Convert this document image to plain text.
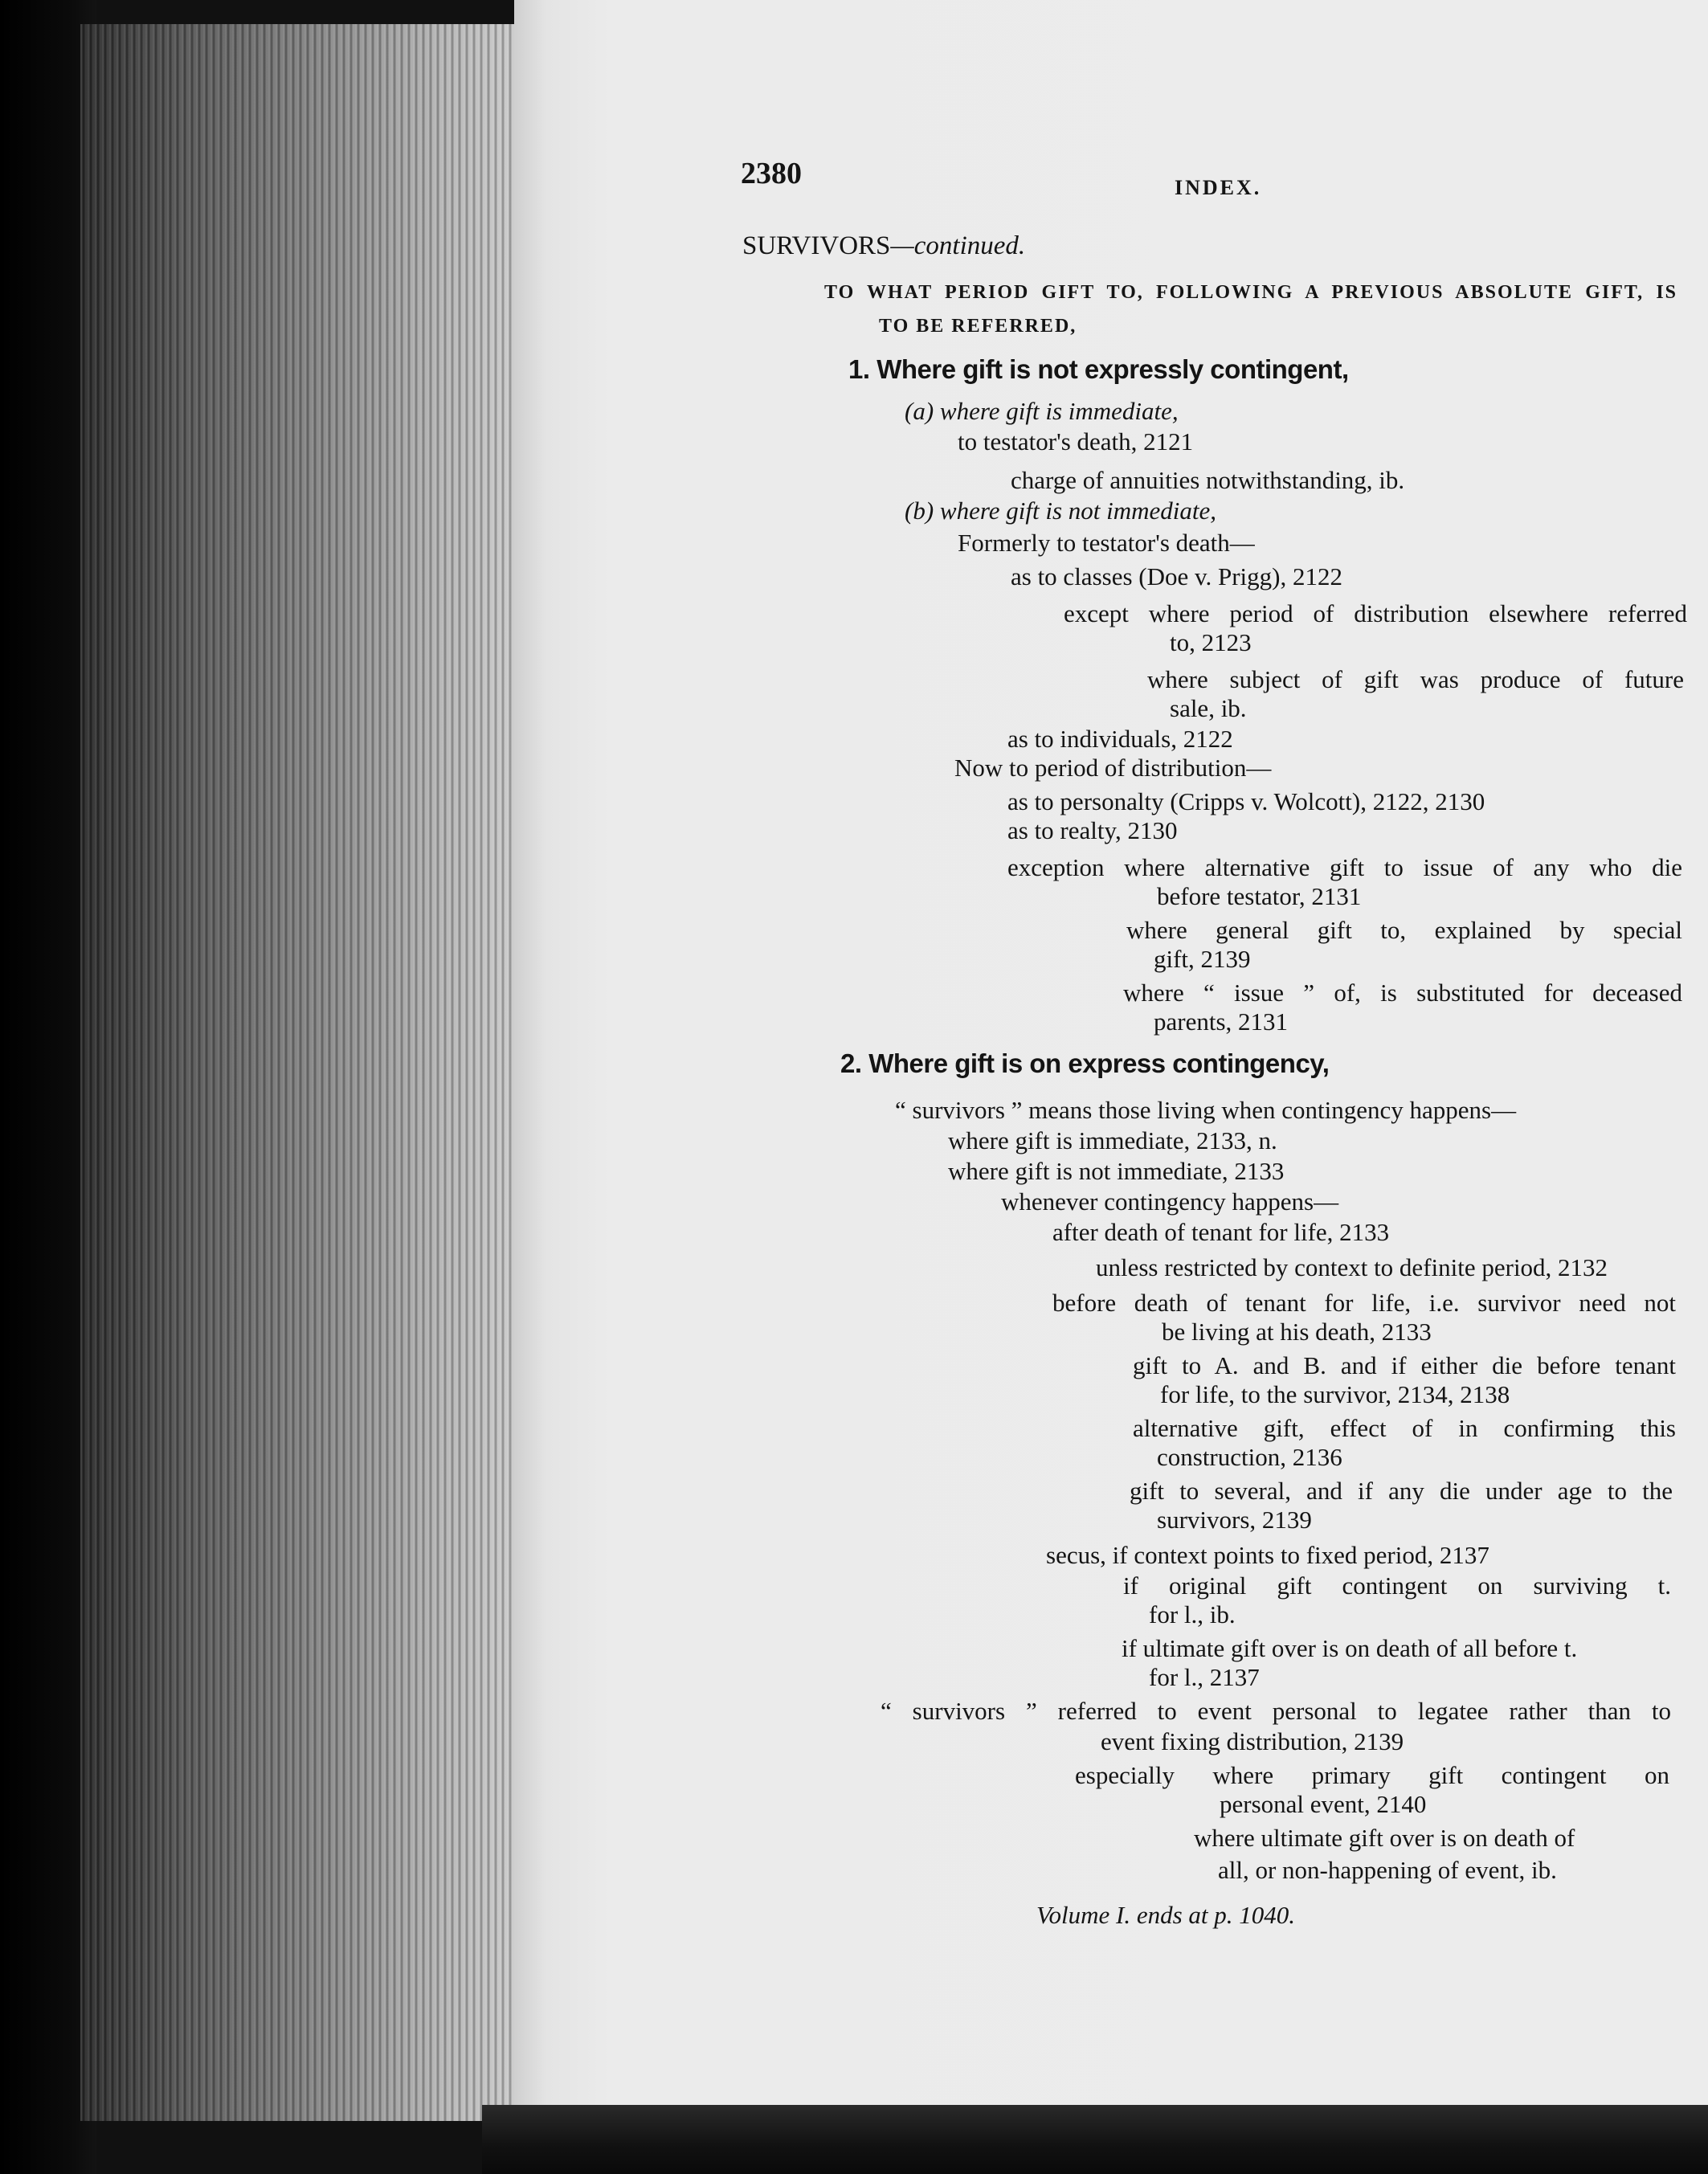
2380	INDEX.
SURVIVORS—continued.
TO WHAT PERIOD GIFT TO, FOLLOWING A PREVIOUS ABSOLUTE GIFT, IS
TO BE REFERRED,
1. Where gift is not expressly contingent,
(a) where gift is immediate,
to testator's death, 2121
charge of annuities notwithstanding, ib.
(b) where gift is not immediate,
Formerly to testator's death—
as to classes (Doe v. Prigg), 2122
except where period of distribution elsewhere referred
to, 2123
where subject of gift was produce of future
sale, ib.
as to individuals, 2122
Now to period of distribution—
as to personalty (Cripps v. Wolcott), 2122, 2130
as to realty, 2130
exception where alternative gift to issue of any who die
before testator, 2131
where general gift to, explained by special
gift, 2139
where “ issue ” of, is substituted for deceased
parents, 2131
2. Where gift is on express contingency,
“ survivors ” means those living when contingency happens—
where gift is immediate, 2133, n.
where gift is not immediate, 2133
whenever contingency happens—
after death of tenant for life, 2133
unless restricted by context to definite period, 2132
before death of tenant for life, i.e. survivor need not
be living at his death, 2133
gift to A. and B. and if either die before tenant
for life, to the survivor, 2134, 2138
alternative gift, effect of in confirming this
construction, 2136
gift to several, and if any die under age to the
survivors, 2139
secus, if context points to fixed period, 2137
if original gift contingent on surviving t.
for l., ib.
if ultimate gift over is on death of all before t.
for l., 2137
“ survivors ” referred to event personal to legatee rather than to
event fixing distribution, 2139
especially where primary gift contingent on
personal event, 2140
where ultimate gift over is on death of
all, or non-happening of event, ib.
Volume I. ends at p. 1040.
